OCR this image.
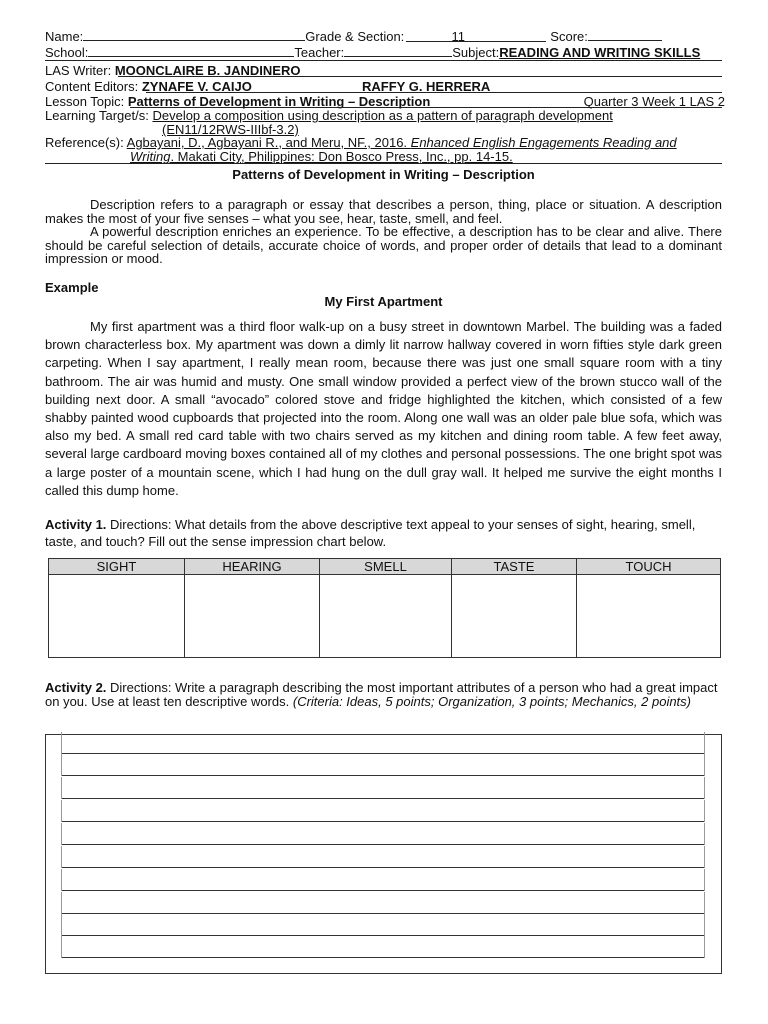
Name:	Grade & Section:	11	Score:
School:	Teacher:	Subject:READING AND WRITING SKILLS
LAS Writer: MOONCLAIRE B. JANDINERO
Content Editors: ZYNAFE V. CAIJO	RAFFY G. HERRERA
Lesson Topic: Patterns of Development in Writing – Description	Quarter 3 Week 1 LAS 2
Learning Target/s: Develop a composition using description as a pattern of paragraph development
(EN11/12RWS-IIIbf-3.2)
Reference(s): Agbayani, D., Agbayani R., and Meru, NF., 2016. Enhanced English Engagements Reading and
Writing. Makati City, Philippines: Don Bosco Press, Inc., pp. 14-15.
Patterns of Development in Writing – Description

Description refers to a paragraph or essay that describes a person, thing, place or situation. A description makes the most of your five senses – what you see, hear, taste, smell, and feel.

A powerful description enriches an experience. To be effective, a description has to be clear and alive. There should be careful selection of details, accurate choice of words, and proper order of details that lead to a dominant impression or mood.

Example
My First Apartment
My first apartment was a third floor walk-up on a busy street in downtown Marbel. The building was a faded brown characterless box. My apartment was down a dimly lit narrow hallway covered in worn fifties style dark green carpeting. When I say apartment, I really mean room, because there was just one small square room with a tiny bathroom. The air was humid and musty. One small window provided a perfect view of the brown stucco wall of the building next door. A small “avocado” colored stove and fridge highlighted the kitchen, which consisted of a few shabby painted wood cupboards that projected into the room. Along one wall was an older pale blue sofa, which was also my bed. A small red card table with two chairs served as my kitchen and dining room table. A few feet away, several large cardboard moving boxes contained all of my clothes and personal possessions. The one bright spot was a large poster of a mountain scene, which I had hung on the dull gray wall. It helped me survive the eight months I called this dump home.
Activity 1. Directions: What details from the above descriptive text appeal to your senses of sight, hearing, smell, taste, and touch? Fill out the sense impression chart below.
SIGHT	HEARING	SMELL	TASTE	TOUCH

Activity 2. Directions: Write a paragraph describing the most important attributes of a person who had a great impact on you. Use at least ten descriptive words. (Criteria: Ideas, 5 points; Organization, 3 points; Mechanics, 2 points)
